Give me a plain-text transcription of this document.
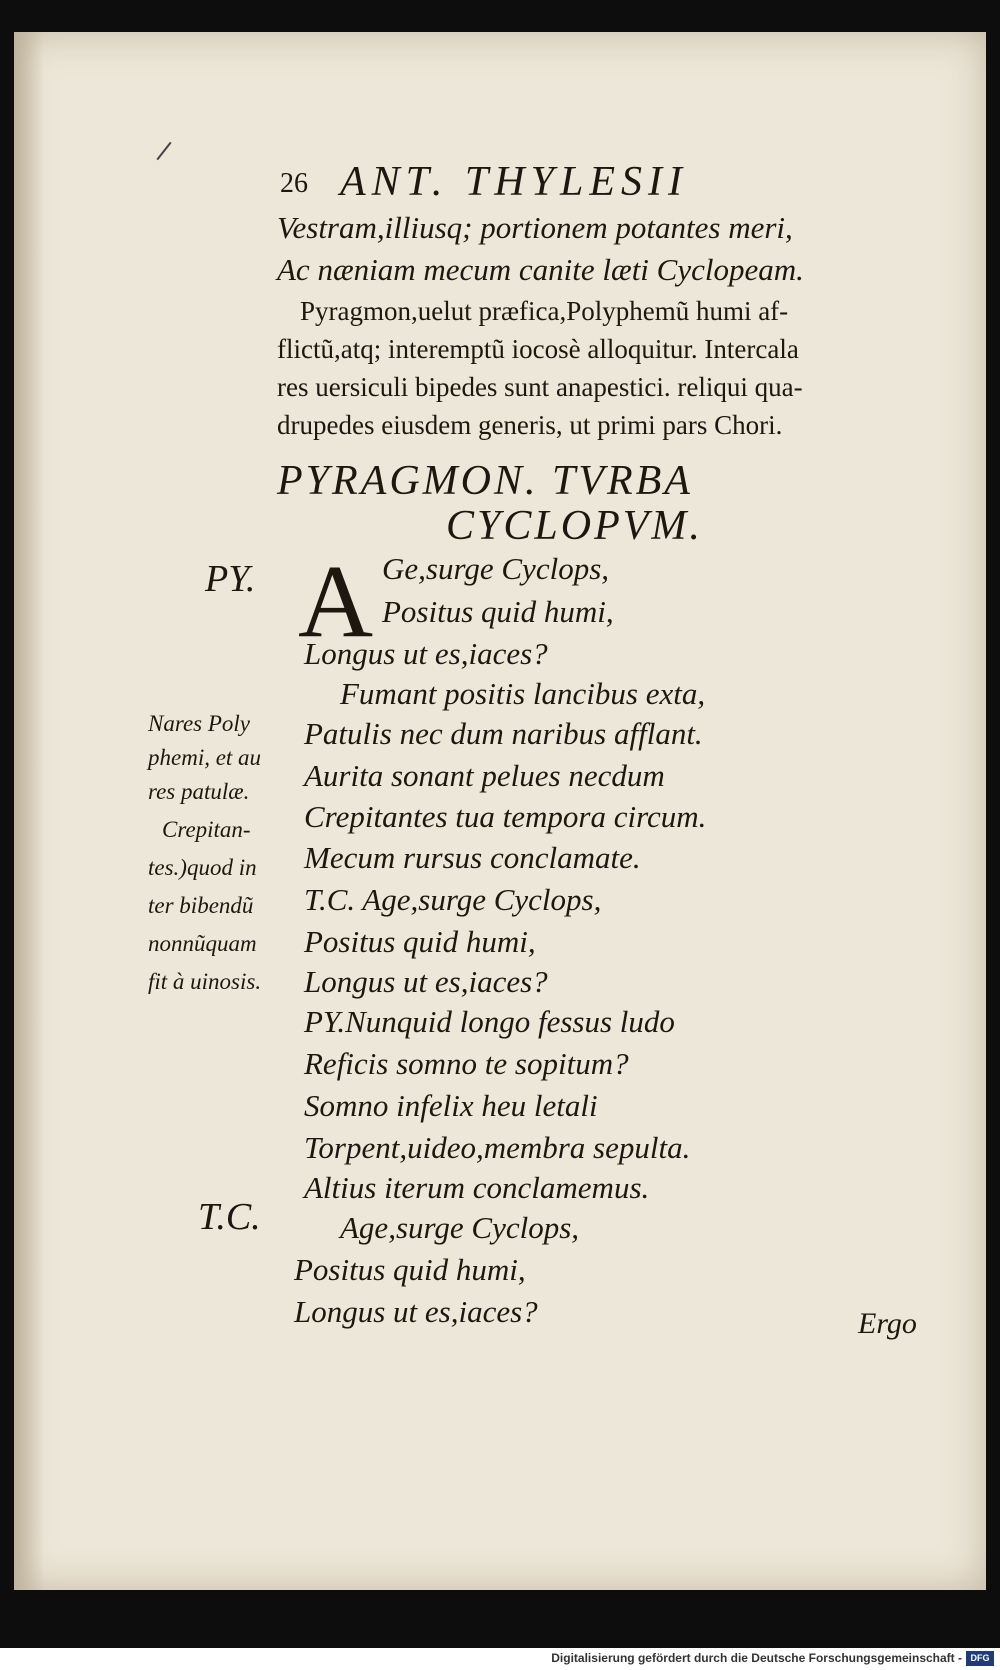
26 ANT. THYLESII
Vestram,illiusq; portionem potantes meri,
Ac næniam mecum canite læti Cyclopeam.
Pyragmon,uelut præfica,Polyphemũ humi af-
flictũ,atq; interemptũ iocosè alloquitur. Intercala
res uersiculi bipedes sunt anapestici. reliqui qua-
drupedes eiusdem generis, ut primi pars Chori.
PYRAGMON. TVRBA
CYCLOPVM.
PY.
T.C.
A Ge,surge Cyclops,
Positus quid humi,
Longus ut es,iaces?
Fumant positis lancibus exta,
Patulis nec dum naribus afflant.
Aurita sonant pelues necdum
Crepitantes tua tempora circum.
Mecum rursus conclamate.
T.C. Age,surge Cyclops,
Positus quid humi,
Longus ut es,iaces?
PY.Nunquid longo fessus ludo
Reficis somno te sopitum?
Somno infelix heu letali
Torpent,uideo,membra sepulta.
Altius iterum conclamemus.
Age,surge Cyclops,
Positus quid humi,
Longus ut es,iaces?
Nares Poly
phemi, et au
res patulæ.
Crepitan-
tes.)quod in
ter bibendũ
nonnũquam
fit à uinosis.
Ergo
Digitalisierung gefördert durch die Deutsche Forschungsgemeinschaft - DFG
